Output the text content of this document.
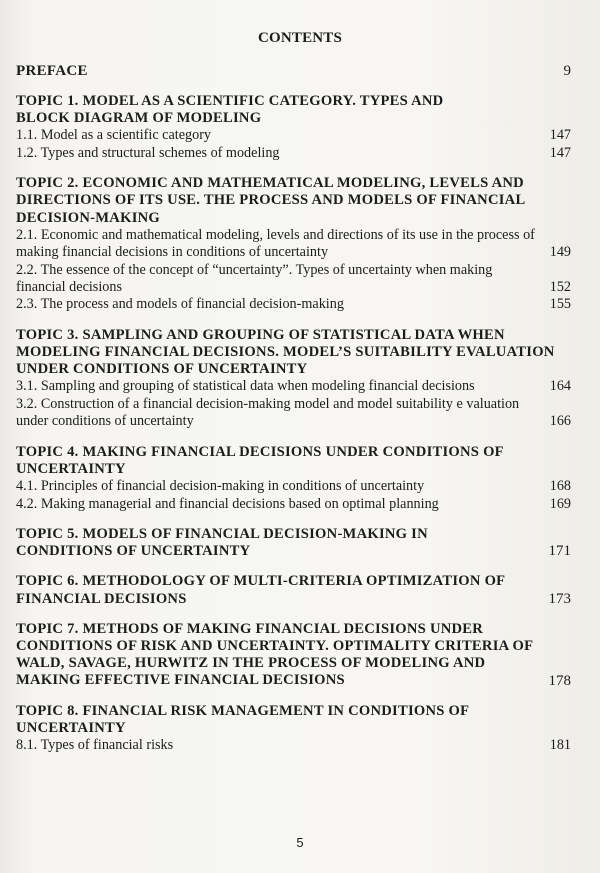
CONTENTS
PREFACE	9
TOPIC 1. MODEL AS A SCIENTIFIC CATEGORY. TYPES AND BLOCK DIAGRAM OF MODELING
1.1. Model as a scientific category	147
1.2. Types and structural schemes of modeling	147
TOPIC 2. ECONOMIC AND MATHEMATICAL MODELING, LEVELS AND DIRECTIONS OF ITS USE. THE PROCESS AND MODELS OF FINANCIAL DECISION-MAKING
2.1. Economic and mathematical modeling, levels and directions of its use in the process of making financial decisions in conditions of uncertainty	149
2.2. The essence of the concept of “uncertainty”. Types of uncertainty when making financial decisions	152
2.3. The process and models of financial decision-making	155
TOPIC 3. SAMPLING AND GROUPING OF STATISTICAL DATA WHEN MODELING FINANCIAL DECISIONS. MODEL’S SUITABILITY EVALUATION UNDER CONDITIONS OF UNCERTAINTY
3.1. Sampling and grouping of statistical data when modeling financial decisions	164
3.2. Construction of a financial decision-making model and model suitability e valuation under conditions of uncertainty	166
TOPIC 4. MAKING FINANCIAL DECISIONS UNDER CONDITIONS OF UNCERTAINTY
4.1. Principles of financial decision-making in conditions of uncertainty	168
4.2. Making managerial and financial decisions based on optimal planning	169
TOPIC 5. MODELS OF FINANCIAL DECISION-MAKING IN CONDITIONS OF UNCERTAINTY	171
TOPIC 6. METHODOLOGY OF MULTI-CRITERIA OPTIMIZATION OF FINANCIAL DECISIONS	173
TOPIC 7. METHODS OF MAKING FINANCIAL DECISIONS UNDER CONDITIONS OF RISK AND UNCERTAINTY. OPTIMALITY CRITERIA OF WALD, SAVAGE, HURWITZ IN THE PROCESS OF MODELING AND MAKING EFFECTIVE FINANCIAL DECISIONS	178
TOPIC 8. FINANCIAL RISK MANAGEMENT IN CONDITIONS OF UNCERTAINTY
8.1. Types of financial risks	181
5
